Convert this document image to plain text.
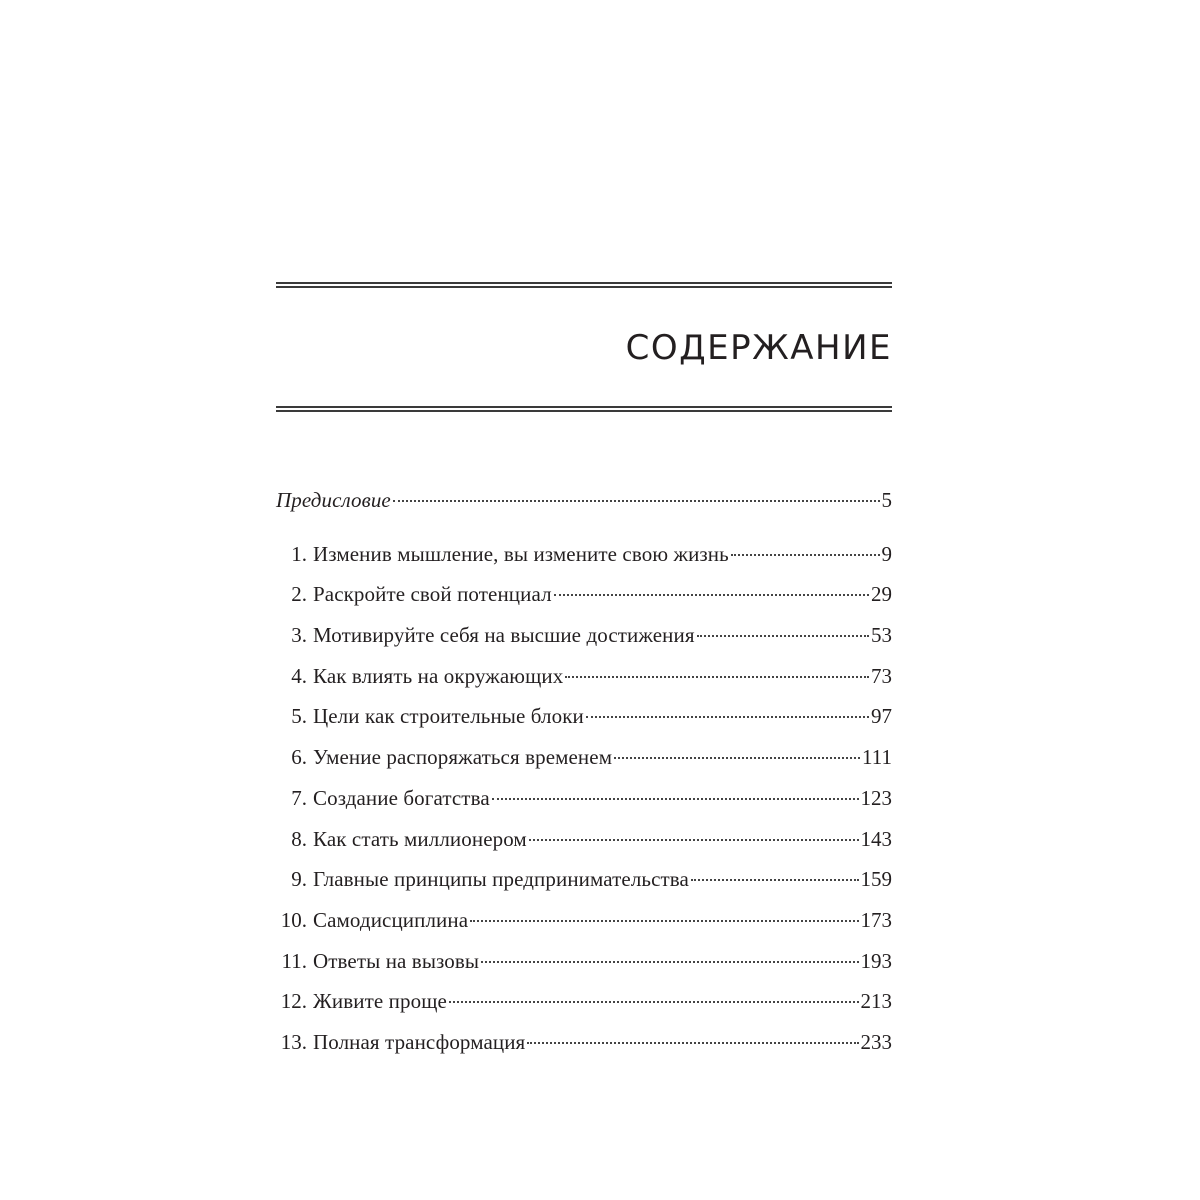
СОДЕРЖАНИЕ
Предисловие	5
1. Изменив мышление, вы измените свою жизнь	9
2. Раскройте свой потенциал	29
3. Мотивируйте себя на высшие достижения	53
4. Как влиять на окружающих	73
5. Цели как строительные блоки	97
6. Умение распоряжаться временем	111
7. Создание богатства	123
8. Как стать миллионером	143
9. Главные принципы предпринимательства	159
10. Самодисциплина	173
11. Ответы на вызовы	193
12. Живите проще	213
13. Полная трансформация	233
